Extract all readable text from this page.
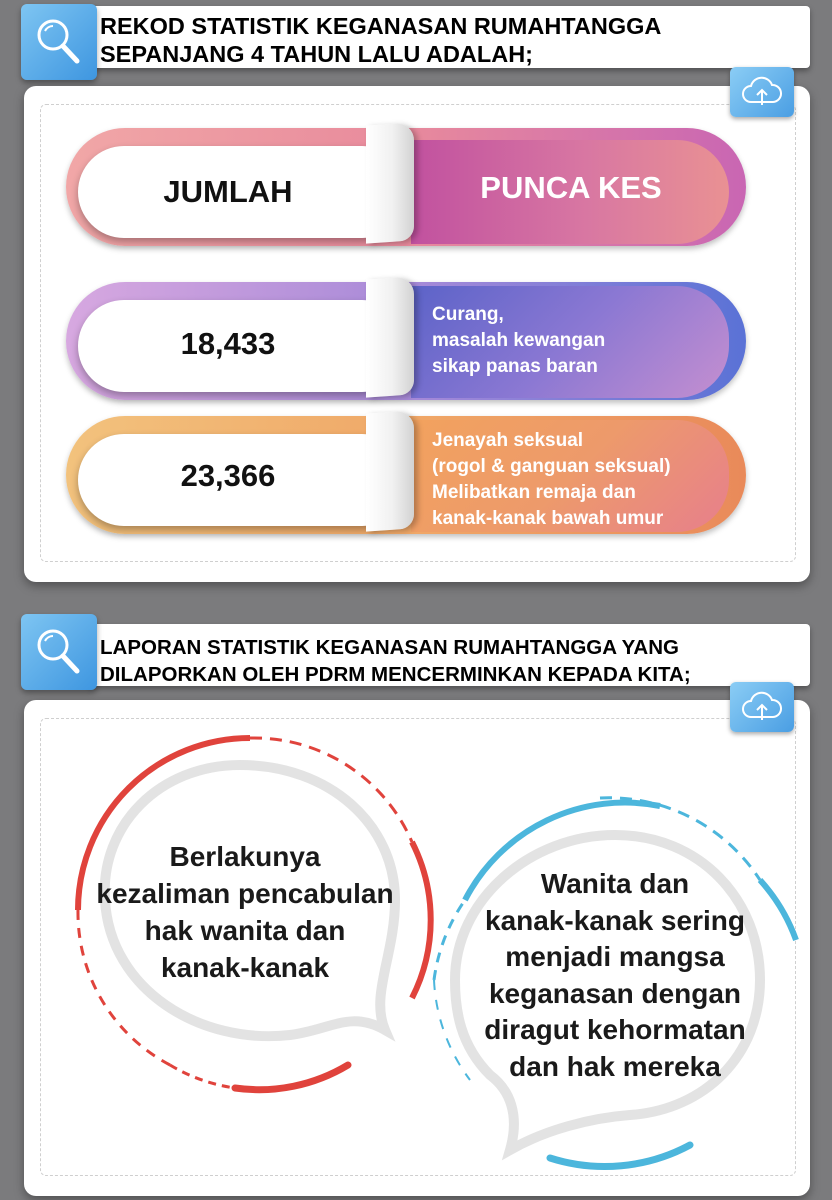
REKOD STATISTIK KEGANASAN RUMAHTANGGA
SEPANJANG 4 TAHUN LALU ADALAH;
JUMLAH	PUNCA KES
18,433
Curang,
masalah kewangan
sikap panas baran
23,366
Jenayah seksual
(rogol & ganguan seksual)
Melibatkan remaja dan
kanak-kanak bawah umur
LAPORAN STATISTIK KEGANASAN RUMAHTANGGA YANG
DILAPORKAN OLEH PDRM MENCERMINKAN KEPADA KITA;
Berlakunya
kezaliman pencabulan
hak wanita dan
kanak-kanak
Wanita dan
kanak-kanak sering
menjadi mangsa
keganasan dengan
diragut kehormatan
dan hak mereka
